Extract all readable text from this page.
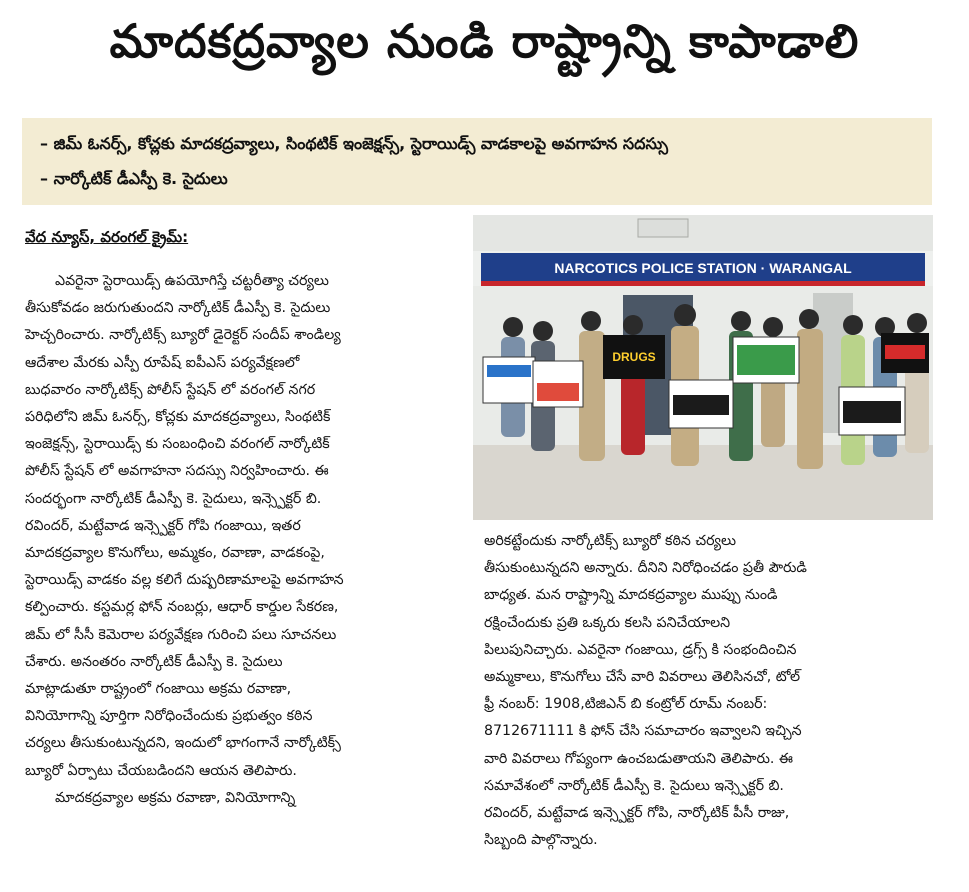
మాదకద్రవ్యాల నుండి రాష్ట్రాన్ని కాపాడాలి
– జిమ్ ఓనర్స్, కోచ్లకు మాదకద్రవ్యాలు, సింథటిక్ ఇంజెక్షన్స్, స్టెరాయిడ్స్ వాడకాలపై అవగాహన సదస్సు
– నార్కోటిక్ డీఎస్పీ కె. సైదులు
వేద న్యూస్, వరంగల్ క్రైమ్:
ఎవరైనా స్టెరాయిడ్స్ ఉపయోగిస్తే చట్టరీత్యా చర్యలు
తీసుకోవడం జరుగుతుందని నార్కోటిక్ డీఎస్పీ కె. సైదులు
హెచ్చరించారు. నార్కోటిక్స్ బ్యూరో డైరెక్టర్ సందీప్ శాండిల్య
ఆదేశాల మేరకు ఎస్పీ రూపేష్ ఐపీఎస్ పర్యవేక్షణలో
బుధవారం నార్కోటిక్స్ పోలీస్ స్టేషన్ లో వరంగల్ నగర
పరిధిలోని జిమ్ ఓనర్స్, కోచ్లకు మాదకద్రవ్యాలు, సింథటిక్
ఇంజెక్షన్స్, స్టెరాయిడ్స్ కు సంబంధించి వరంగల్ నార్కోటిక్
పోలీస్ స్టేషన్ లో అవగాహనా సదస్సు నిర్వహించారు. ఈ
సందర్భంగా నార్కోటిక్ డీఎస్పీ కె. సైదులు, ఇన్స్పెక్టర్ బి.
రవిందర్, మట్టేవాడ ఇన్స్పెక్టర్ గోపి గంజాయి, ఇతర
మాదకద్రవ్యాల కొనుగోలు, అమ్మకం, రవాణా, వాడకంపై,
స్టెరాయిడ్స్ వాడకం వల్ల కలిగే దుష్పరిణామాలపై అవగాహన
కల్పించారు. కస్టమర్ల ఫోన్ నంబర్లు, ఆధార్ కార్డుల సేకరణ,
జిమ్ లో సీసీ కెమెరాల పర్యవేక్షణ గురించి పలు సూచనలు
చేశారు. అనంతరం నార్కోటిక్ డీఎస్పీ కె. సైదులు
మాట్లాడుతూ రాష్ట్రంలో గంజాయి అక్రమ రవాణా,
వినియోగాన్ని పూర్తిగా నిరోధించేందుకు ప్రభుత్వం కఠిన
చర్యలు తీసుకుంటున్నదని, ఇందులో భాగంగానే నార్కోటిక్స్
బ్యూరో ఏర్పాటు చేయబడిందని ఆయన తెలిపారు.
మాదకద్రవ్యాల అక్రమ రవాణా, వినియోగాన్ని
NARCOTICS POLICE STATION · WARANGAL
DRUGS
అరికట్టేందుకు నార్కోటిక్స్ బ్యూరో కఠిన చర్యలు
తీసుకుంటున్నదని అన్నారు. దీనిని నిరోధించడం ప్రతీ పౌరుడి
బాధ్యత. మన రాష్ట్రాన్ని మాదకద్రవ్యాల ముప్పు నుండి
రక్షించేందుకు ప్రతి ఒక్కరు కలసి పనిచేయాలని
పిలుపునిచ్చారు. ఎవరైనా గంజాయి, డ్రగ్స్ కి సంభందించిన
అమ్మకాలు, కొనుగోలు చేసే వారి వివరాలు తెలిసినచో, టోల్
ఫ్రీ నంబర్: 1908,టిజిఎన్ బి కంట్రోల్ రూమ్ నంబర్:
8712671111 కి ఫోన్ చేసి సమాచారం ఇవ్వాలని ఇచ్చిన
వారి వివరాలు గోప్యంగా ఉంచబడుతాయని తెలిపారు. ఈ
సమావేశంలో నార్కోటిక్ డీఎస్పీ కె. సైదులు ఇన్స్పెక్టర్ బి.
రవిందర్, మట్టేవాడ ఇన్స్పెక్టర్ గోపి, నార్కోటిక్ పీసీ రాజు,
సిబ్బంది పాల్గొన్నారు.
